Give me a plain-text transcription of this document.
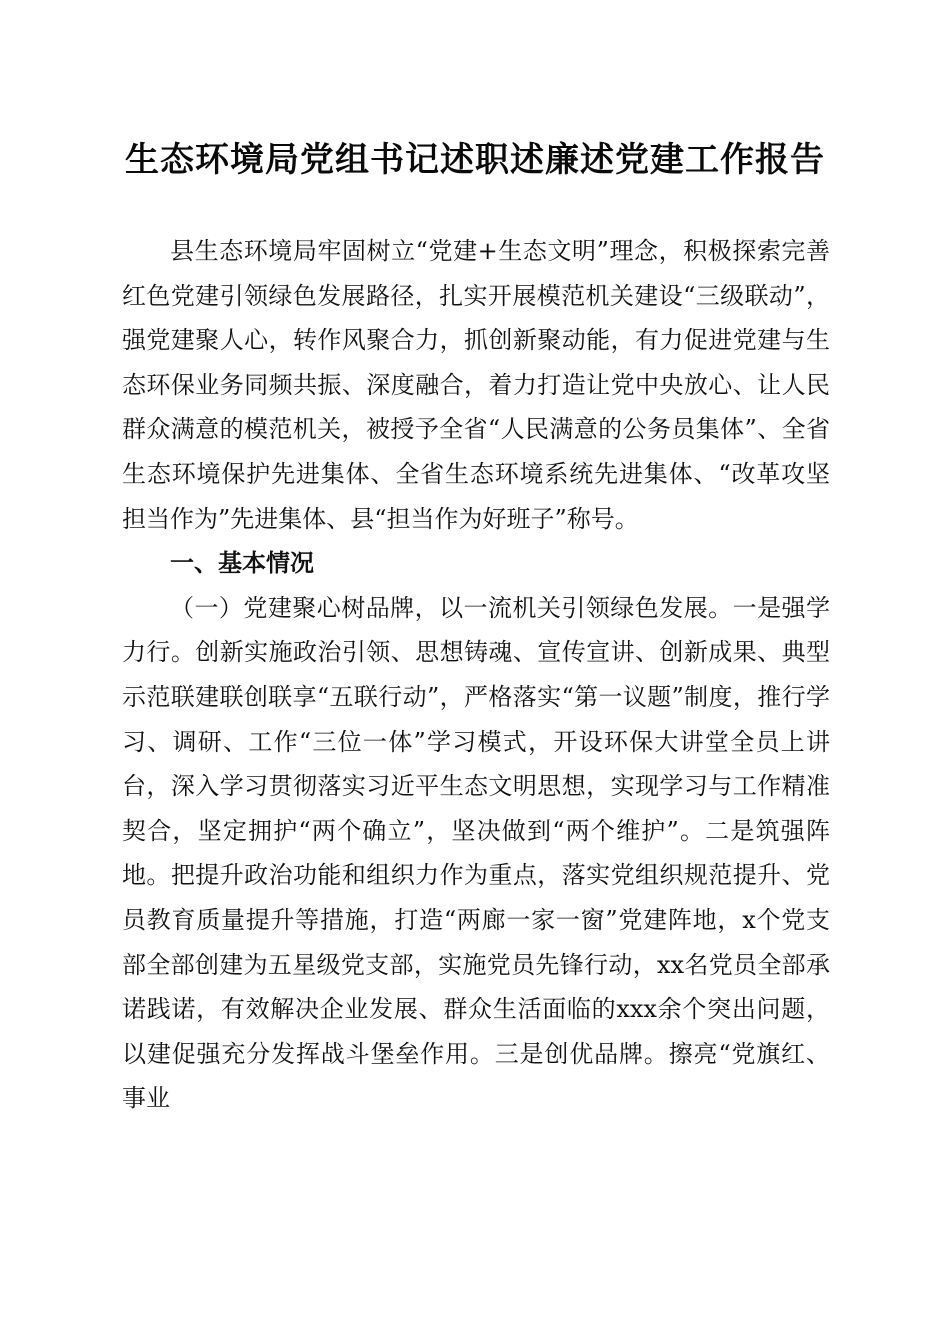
生态环境局党组书记述职述廉述党建工作报告

县生态环境局牢固树立“党建+生态文明”理念，积极探索完善红色党建引领绿色发展路径，扎实开展模范机关建设“三级联动”，强党建聚人心，转作风聚合力，抓创新聚动能，有力促进党建与生态环保业务同频共振、深度融合，着力打造让党中央放心、让人民群众满意的模范机关，被授予全省“人民满意的公务员集体”、全省生态环境保护先进集体、全省生态环境系统先进集体、“改革攻坚担当作为”先进集体、县“担当作为好班子”称号。

一、基本情况

（一）党建聚心树品牌，以一流机关引领绿色发展。一是强学力行。创新实施政治引领、思想铸魂、宣传宣讲、创新成果、典型示范联建联创联享“五联行动”，严格落实“第一议题”制度，推行学习、调研、工作“三位一体”学习模式，开设环保大讲堂全员上讲台，深入学习贯彻落实习近平生态文明思想，实现学习与工作精准契合，坚定拥护“两个确立”，坚决做到“两个维护”。二是筑强阵地。把提升政治功能和组织力作为重点，落实党组织规范提升、党员教育质量提升等措施，打造“两廊一家一窗”党建阵地，x个党支部全部创建为五星级党支部，实施党员先锋行动，xx名党员全部承诺践诺，有效解决企业发展、群众生活面临的xxx余个突出问题，以建促强充分发挥战斗堡垒作用。三是创优品牌。擦亮“党旗红、事业
